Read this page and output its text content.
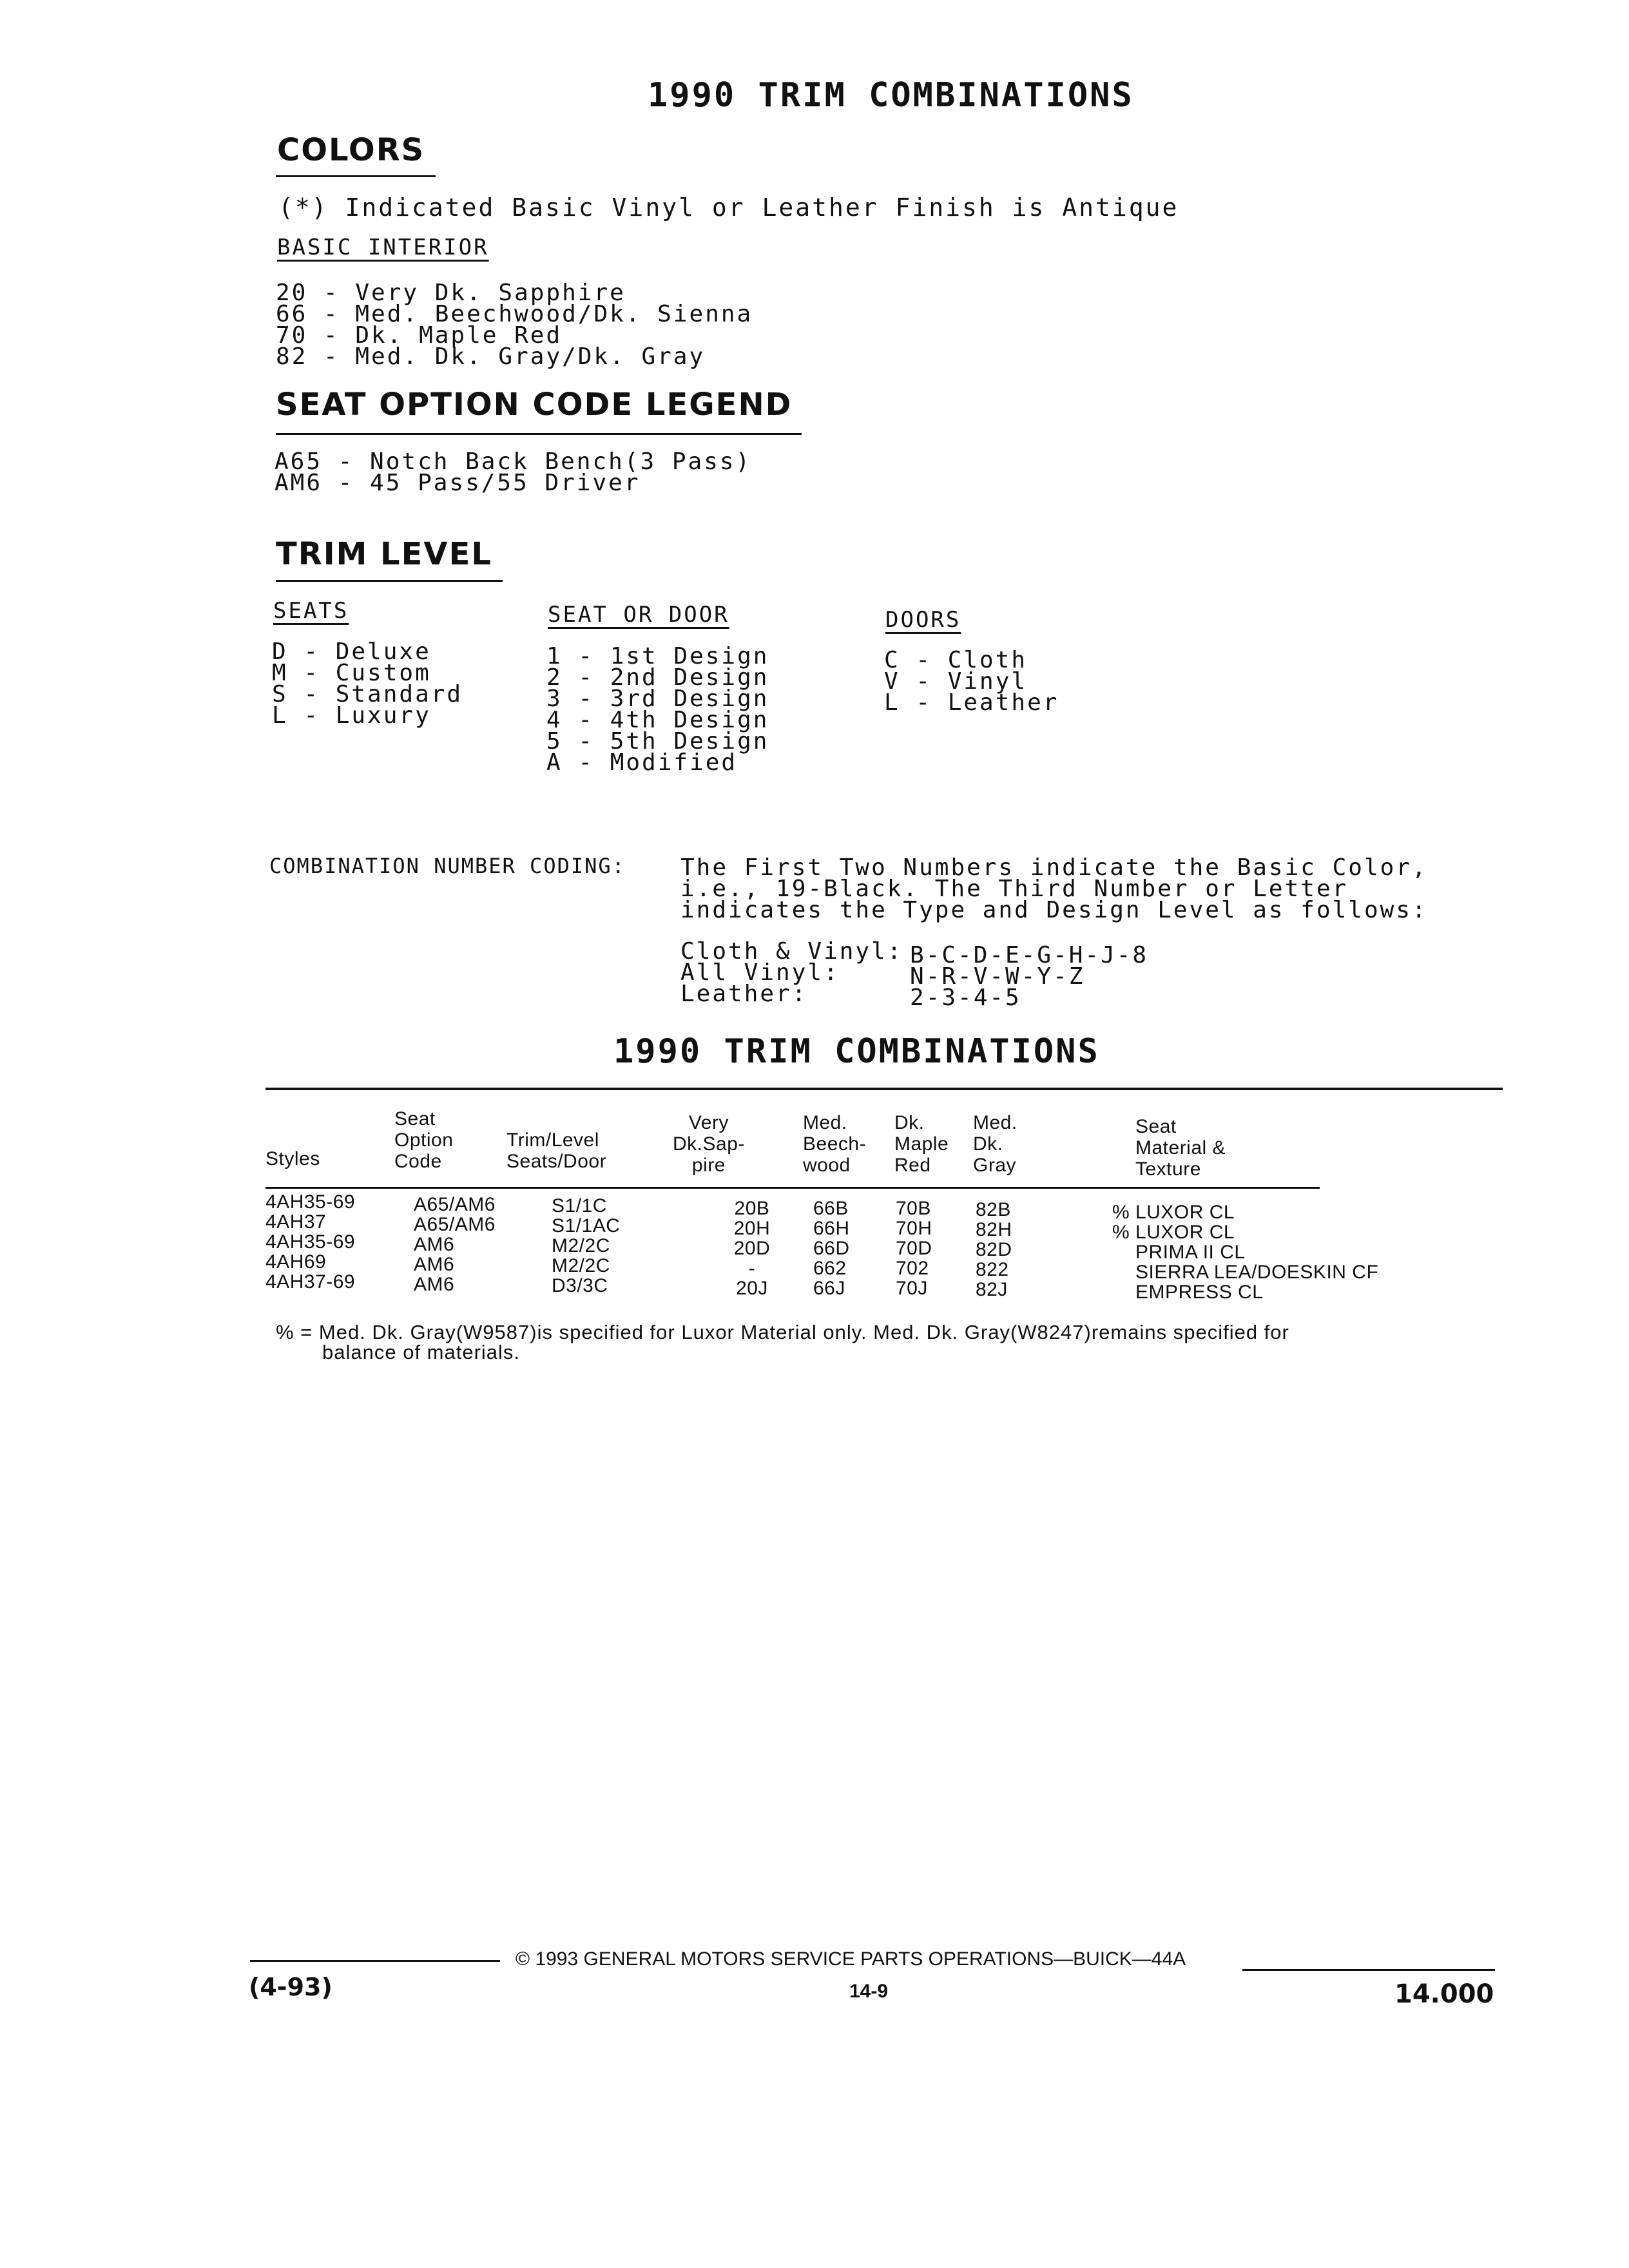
1990 TRIM COMBINATIONS
COLORS
(*) Indicated Basic Vinyl or Leather Finish is Antique
BASIC INTERIOR
20 - Very Dk. Sapphire
66 - Med. Beechwood/Dk. Sienna
70 - Dk. Maple Red
82 - Med. Dk. Gray/Dk. Gray
SEAT OPTION CODE LEGEND
A65 - Notch Back Bench(3 Pass)
AM6 - 45 Pass/55 Driver
TRIM LEVEL
SEATS
D - Deluxe
M - Custom
S - Standard
L - Luxury
SEAT OR DOOR
1 - 1st Design
2 - 2nd Design
3 - 3rd Design
4 - 4th Design
5 - 5th Design
A - Modified
DOORS
C - Cloth
V - Vinyl
L - Leather
COMBINATION NUMBER CODING: The First Two Numbers indicate the Basic Color,
i.e., 19-Black. The Third Number or Letter
indicates the Type and Design Level as follows:
Cloth & Vinyl:
All Vinyl:
Leather:
B-C-D-E-G-H-J-8
N-R-V-W-Y-Z
2-3-4-5
1990 TRIM COMBINATIONS
Styles
Seat
Option
Code
Trim/Level
Seats/Door
Very
Dk.Sap-
pire
Med.
Beech-
wood
Dk.
Maple
Red
Med.
Dk.
Gray
Seat
Material &
Texture
4AH35-69
4AH37
4AH35-69
4AH69
4AH37-69
A65/AM6
A65/AM6
AM6
AM6
AM6
S1/1C
S1/1AC
M2/2C
M2/2C
D3/3C
20B
20H
20D
-
20J
66B
66H
66D
662
66J
70B
70H
70D
702
70J
82B
82H
82D
822
82J
% LUXOR CL
% LUXOR CL
PRIMA II CL
SIERRA LEA/DOESKIN CF
EMPRESS CL
% = Med. Dk. Gray(W9587)is specified for Luxor Material only. Med. Dk. Gray(W8247)remains specified for
balance of materials.
© 1993 GENERAL MOTORS SERVICE PARTS OPERATIONS—BUICK—44A
(4-93)	14-9	14.000
